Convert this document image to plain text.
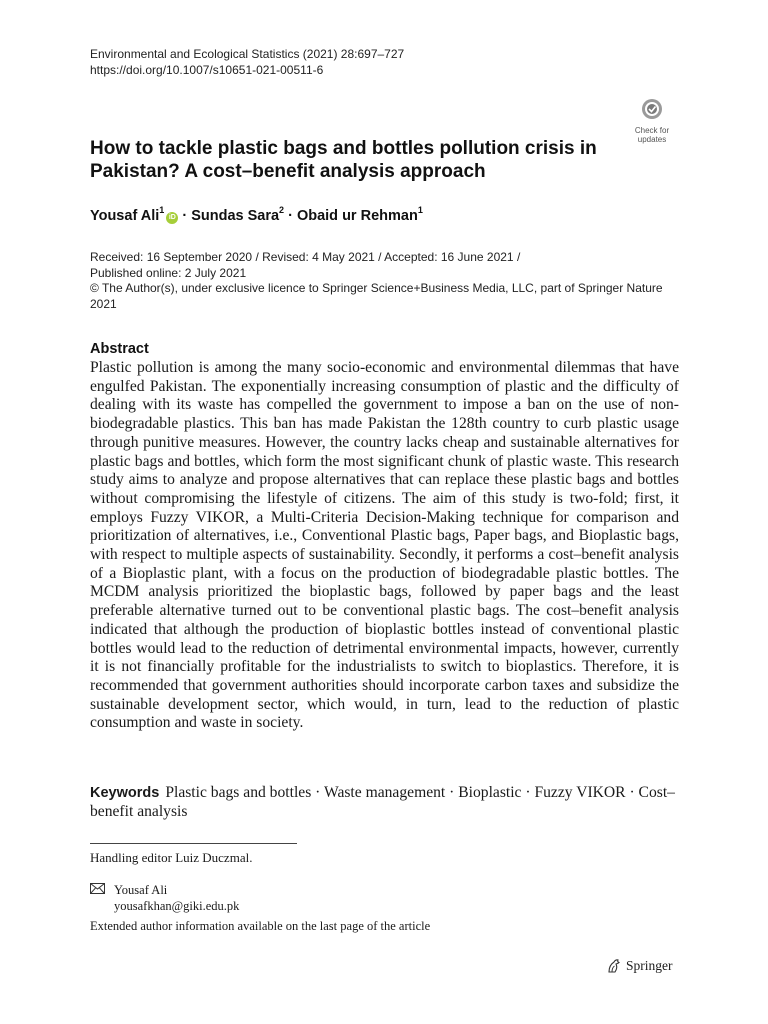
Environmental and Ecological Statistics (2021) 28:697–727
https://doi.org/10.1007/s10651-021-00511-6
Check for
updates
How to tackle plastic bags and bottles pollution crisis in Pakistan? A cost–benefit analysis approach
Yousaf Ali$^1$iD · Sundas Sara$^2$ · Obaid ur Rehman$^1$
Received: 16 September 2020 / Revised: 4 May 2021 / Accepted: 16 June 2021 /
Published online: 2 July 2021
© The Author(s), under exclusive licence to Springer Science+Business Media, LLC, part of Springer Nature
2021
Abstract

Plastic pollution is among the many socio-economic and environmental dilemmas that have engulfed Pakistan. The exponentially increasing consumption of plastic and the difficulty of dealing with its waste has compelled the government to impose a ban on the use of non-biodegradable plastics. This ban has made Pakistan the 128th country to curb plastic usage through punitive measures. However, the country lacks cheap and sustainable alternatives for plastic bags and bottles, which form the most significant chunk of plastic waste. This research study aims to analyze and propose alternatives that can replace these plastic bags and bottles without compromising the lifestyle of citizens. The aim of this study is two-fold; first, it employs Fuzzy VIKOR, a Multi-Criteria Decision-Making technique for comparison and prioritization of alternatives, i.e., Conventional Plastic bags, Paper bags, and Bioplastic bags, with respect to multiple aspects of sustainability. Secondly, it performs a cost–benefit analysis of a Bioplastic plant, with a focus on the production of biodegradable plastic bottles. The MCDM analysis prioritized the bioplastic bags, followed by paper bags and the least preferable alternative turned out to be conventional plastic bags. The cost–benefit analysis indicated that although the production of bioplastic bottles instead of conventional plastic bottles would lead to the reduction of detrimental environmental impacts, however, currently it is not financially profitable for the industrialists to switch to bioplastics. Therefore, it is recommended that government authorities should incorporate carbon taxes and subsidize the sustainable development sector, which would, in turn, lead to the reduction of plastic consumption and waste in society.

Keywords Plastic bags and bottles · Waste management · Bioplastic · Fuzzy VIKOR · Cost–benefit analysis
Handling editor Luiz Duczmal.
Yousaf Ali
yousafkhan@giki.edu.pk
Extended author information available on the last page of the article
Springer
